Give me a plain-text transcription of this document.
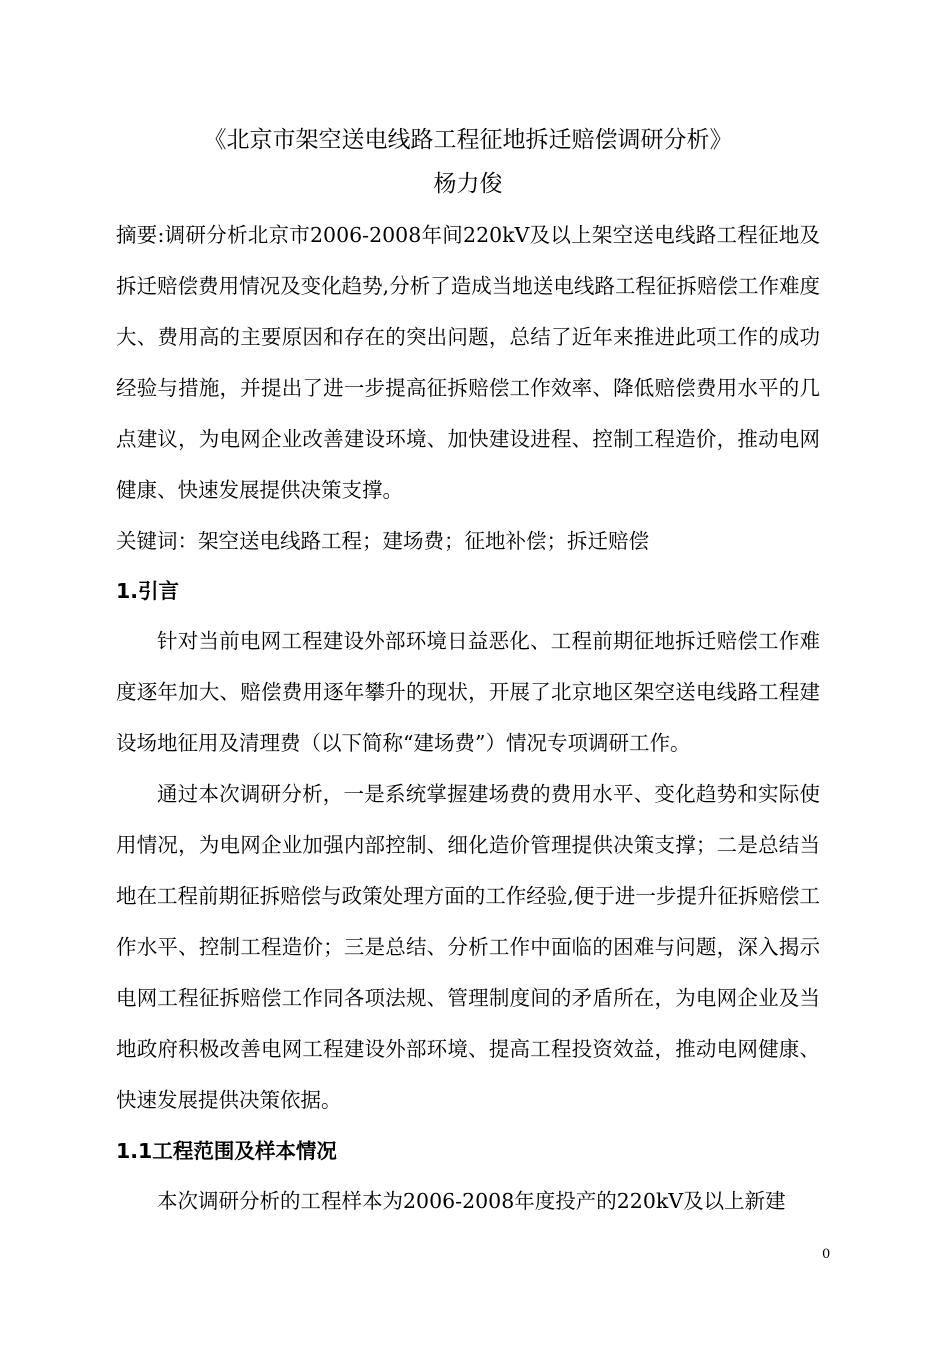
《北京市架空送电线路工程征地拆迁赔偿调研分析》
杨力俊

摘要:调研分析北京市2006-2008年间220kV及以上架空送电线路工程征地及拆迁赔偿费用情况及变化趋势,分析了造成当地送电线路工程征拆赔偿工作难度大、费用高的主要原因和存在的突出问题，总结了近年来推进此项工作的成功经验与措施，并提出了进一步提高征拆赔偿工作效率、降低赔偿费用水平的几点建议，为电网企业改善建设环境、加快建设进程、控制工程造价，推动电网健康、快速发展提供决策支撑。

关键词：架空送电线路工程；建场费；征地补偿；拆迁赔偿

1.引言

针对当前电网工程建设外部环境日益恶化、工程前期征地拆迁赔偿工作难度逐年加大、赔偿费用逐年攀升的现状，开展了北京地区架空送电线路工程建设场地征用及清理费（以下简称“建场费”）情况专项调研工作。

通过本次调研分析，一是系统掌握建场费的费用水平、变化趋势和实际使用情况，为电网企业加强内部控制、细化造价管理提供决策支撑；二是总结当地在工程前期征拆赔偿与政策处理方面的工作经验,便于进一步提升征拆赔偿工作水平、控制工程造价；三是总结、分析工作中面临的困难与问题，深入揭示电网工程征拆赔偿工作同各项法规、管理制度间的矛盾所在，为电网企业及当地政府积极改善电网工程建设外部环境、提高工程投资效益，推动电网健康、快速发展提供决策依据。

1.1工程范围及样本情况

本次调研分析的工程样本为2006-2008年度投产的220kV及以上新建

0
